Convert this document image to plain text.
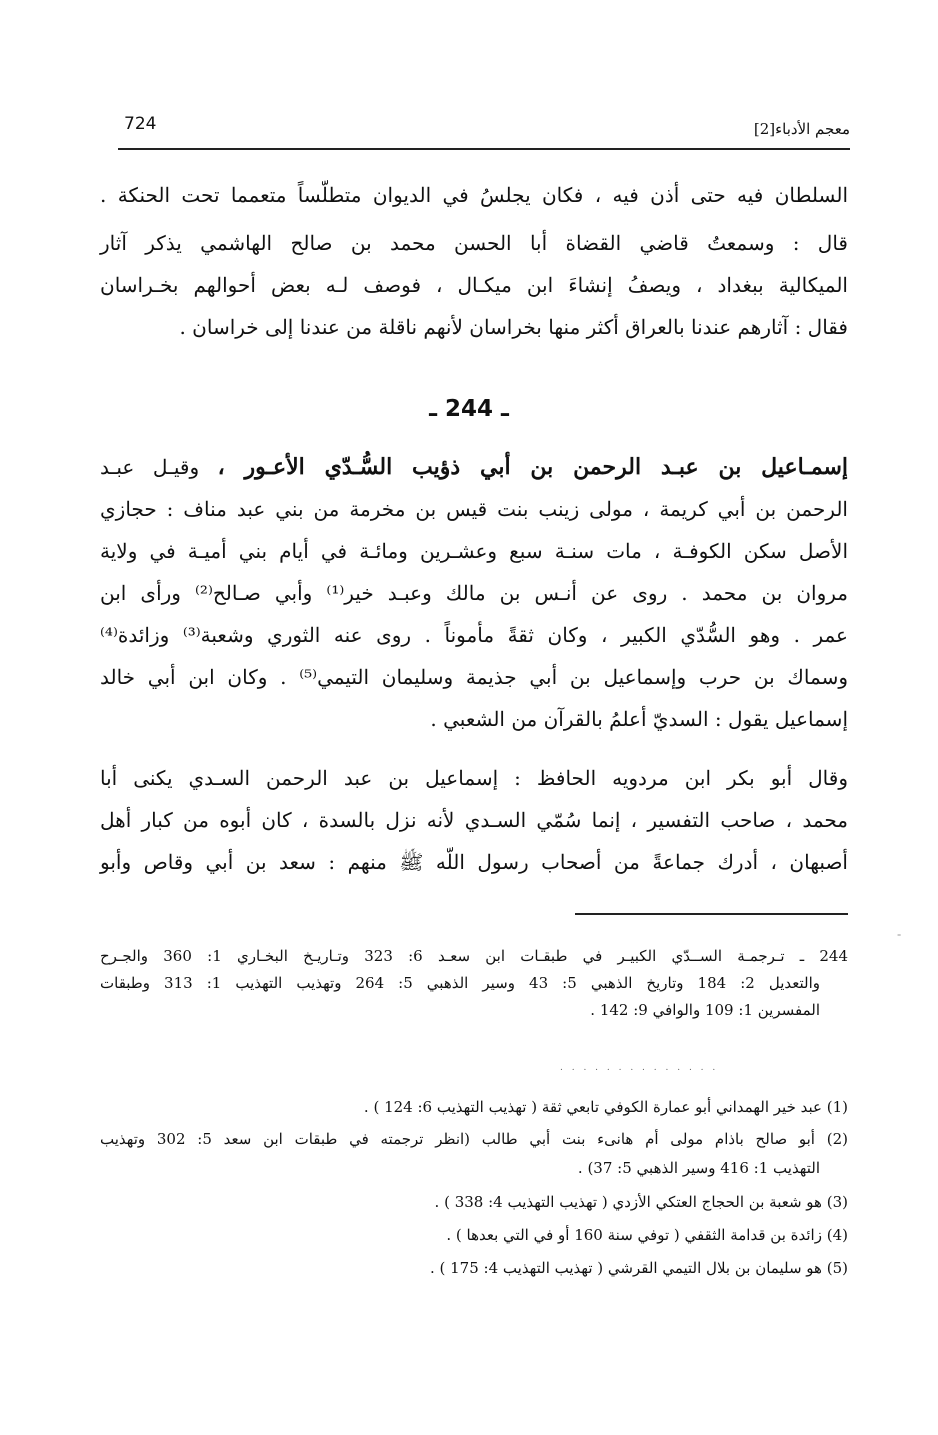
724	معجم الأدباء[2]
السلطان فيه حتى أذن فيه ، فكان يجلسُ في الديوان متطلّساً متعمما تحت الحنكة .
قال : وسمعتُ قاضي القضاة أبا الحسن محمد بن صالح الهاشمي يذكر آثار
الميكالية ببغداد ، ويصفُ إنشاءَ ابن ميكـال ، فوصف لـه بعض أحوالهم بخـراسان
فقال : آثارهم عندنا بالعراق أكثر منها بخراسان لأنهم ناقلة من عندنا إلى خراسان .
ـ 244 ـ
إسمـاعيل بن عبـد الرحمن بن أبي ذؤيب السُّـدّي الأعـور ، وقيـل عبـد
الرحمن بن أبي كريمة ، مولى زينب بنت قيس بن مخرمة من بني عبد مناف : حجازي
الأصل سكن الكوفـة ، مات سنـة سبع وعشـرين ومائـة في أيام بني أميـة في ولاية
مروان بن محمد . روى عن أنـس بن مالك وعبـد خير⁽¹⁾ وأبي صـالح⁽²⁾ ورأى ابن
عمر . وهو السُّدّي الكبير ، وكان ثقةً مأموناً . روى عنه الثوري وشعبة⁽³⁾ وزائدة⁽⁴⁾
وسماك بن حرب وإسماعيل بن أبي جذيمة وسليمان التيمي⁽⁵⁾ . وكان ابن أبي خالد
إسماعيل يقول : السديّ أعلمُ بالقرآن من الشعبي .
وقال أبو بكر ابن مردويه الحافظ : إسماعيل بن عبد الرحمن السـدي يكنى أبا
محمد ، صاحب التفسير ، إنما سُمّي السـدي لأنه نزل بالسدة ، كان أبوه من كبار أهل
أصبهان ، أدرك جماعةً من أصحاب رسول اللّه ﷺ منهم : سعد بن أبي وقاص وأبو
⁼
244 ـ تـرجمـة الســدّي الكبيـر في طبقـات ابن سعـد 6: 323 وتـاريـخ البخـاري 1: 360 والجـرح
والتعديل 2: 184 وتاريخ الذهبي 5: 43 وسير الذهبي 5: 264 وتهذيب التهذيب 1: 313 وطبقات
المفسرين 1: 109 والوافي 9: 142 .
. . . . . . . . . . . . . .
(1) عبد خير الهمداني أبو عمارة الكوفي تابعي ثقة ( تهذيب التهذيب 6: 124 ) .
(2) أبو صالح باذام مولى أم هانىء بنت أبي طالب (انظر ترجمته في طبقات ابن سعد 5: 302 وتهذيب
التهذيب 1: 416 وسير الذهبي 5: 37) .
(3) هو شعبة بن الحجاج العتكي الأزدي ( تهذيب التهذيب 4: 338 ) .
(4) زائدة بن قدامة الثقفي ( توفي سنة 160 أو في التي بعدها ) .
(5) هو سليمان بن بلال التيمي القرشي ( تهذيب التهذيب 4: 175 ) .
